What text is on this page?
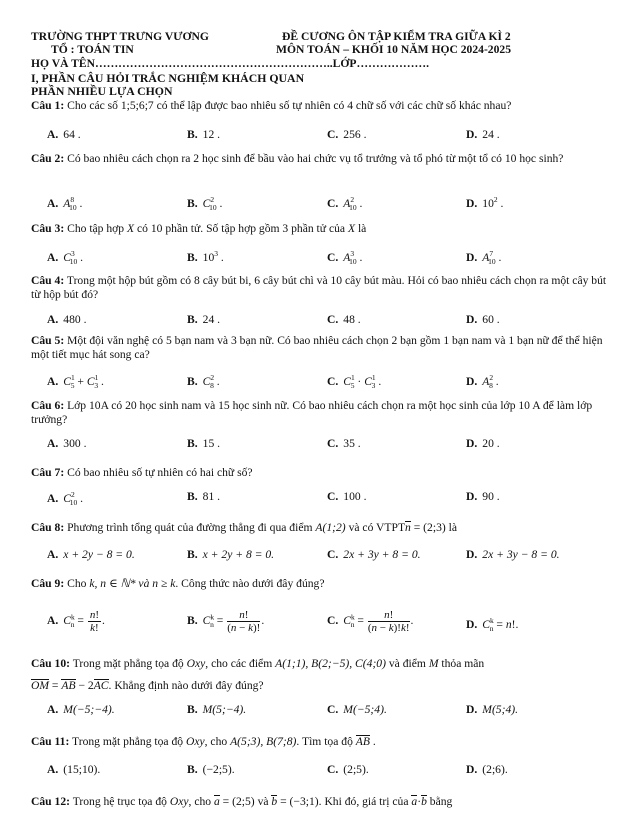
TRƯỜNG THPT TRƯNG VƯƠNG
TỔ : TOÁN TIN
HỌ VÀ TÊN……………………………………………………..LỚP……………….
ĐỀ CƯƠNG ÔN TẬP KIỂM TRA GIỮA KÌ 2
MÔN TOÁN – KHỐI 10 NĂM HỌC 2024-2025
I, PHẦN CÂU HỎI TRẮC NGHIỆM KHÁCH QUAN
PHẦN NHIỀU LỰA CHỌN
Câu 1: Cho các số 1;5;6;7 có thể lập được bao nhiêu số tự nhiên có 4 chữ số với các chữ số khác nhau?
A. 64 .	B. 12 .	C. 256 .	D. 24 .
Câu 2: Có bao nhiêu cách chọn ra 2 học sinh để bầu vào hai chức vụ tổ trưởng và tổ phó từ một tổ có 10 học sinh?
A. $A^8_{10}$ .	B. $C^2_{10}$ .	C. $A^2_{10}$ .	D. $10^2$ .
Câu 3: Cho tập hợp X có 10 phần tử. Số tập hợp gồm 3 phần tử của X là
A. $C^3_{10}$ .	B. $10^3$ .	C. $A^3_{10}$ .	D. $A^7_{10}$ .
Câu 4: Trong một hộp bút gồm có 8 cây bút bi, 6 cây bút chì và 10 cây bút màu. Hỏi có bao nhiêu cách chọn ra một cây bút từ hộp bút đó?
A. 480 .	B. 24 .	C. 48 .	D. 60 .
Câu 5: Một đội văn nghệ có 5 bạn nam và 3 bạn nữ. Có bao nhiêu cách chọn 2 bạn gồm 1 bạn nam và 1 bạn nữ để thể hiện một tiết mục hát song ca?
A. $C^1_5 + C^1_3$ .	B. $C^2_8$ .	C. $C^1_5 \cdot C^1_3$ .	D. $A^2_8$ .
Câu 6: Lớp 10A có 20 học sinh nam và 15 học sinh nữ. Có bao nhiêu cách chọn ra một học sinh của lớp 10 A để làm lớp trưởng?
A. 300 .	B. 15 .	C. 35 .	D. 20 .
Câu 7: Có bao nhiêu số tự nhiên có hai chữ số?
A. $C^2_{10}$ .	B. 81 .	C. 100 .	D. 90 .
Câu 8: Phương trình tổng quát của đường thẳng đi qua điểm A(1;2) và có VTPTn = (2;3) là
A. x + 2y − 8 = 0.	B. x + 2y + 8 = 0.	C. 2x + 3y + 8 = 0.	D. 2x + 3y − 8 = 0.
Câu 9: Cho k, n ∈ ℕ* và n ≥ k. Công thức nào dưới đây đúng?
A. $C^k_n = \frac{n!}{k!}$ .	B. $C^k_n = \frac{n!}{(n - k)!}$ .	C. $C^k_n = \frac{n!}{(n - k)!k!}$ .	D. $C^k_n = n$!.
Câu 10: Trong mặt phẳng tọa độ Oxy, cho các điểm A(1;1), B(2;−5), C(4;0) và điểm M thỏa mãn
OM = AB − 2AC. Khẳng định nào dưới đây đúng?
A. M(−5;−4).	B. M(5;−4).	C. M(−5;4).	D. M(5;4).
Câu 11: Trong mặt phẳng tọa độ Oxy, cho A(5;3), B(7;8). Tìm tọa độ AB .
A. (15;10).	B. (−2;5).	C. (2;5).	D. (2;6).
Câu 12: Trong hệ trục tọa độ Oxy, cho a = (2;5) và b = (−3;1). Khi đó, giá trị của a·b bằng
